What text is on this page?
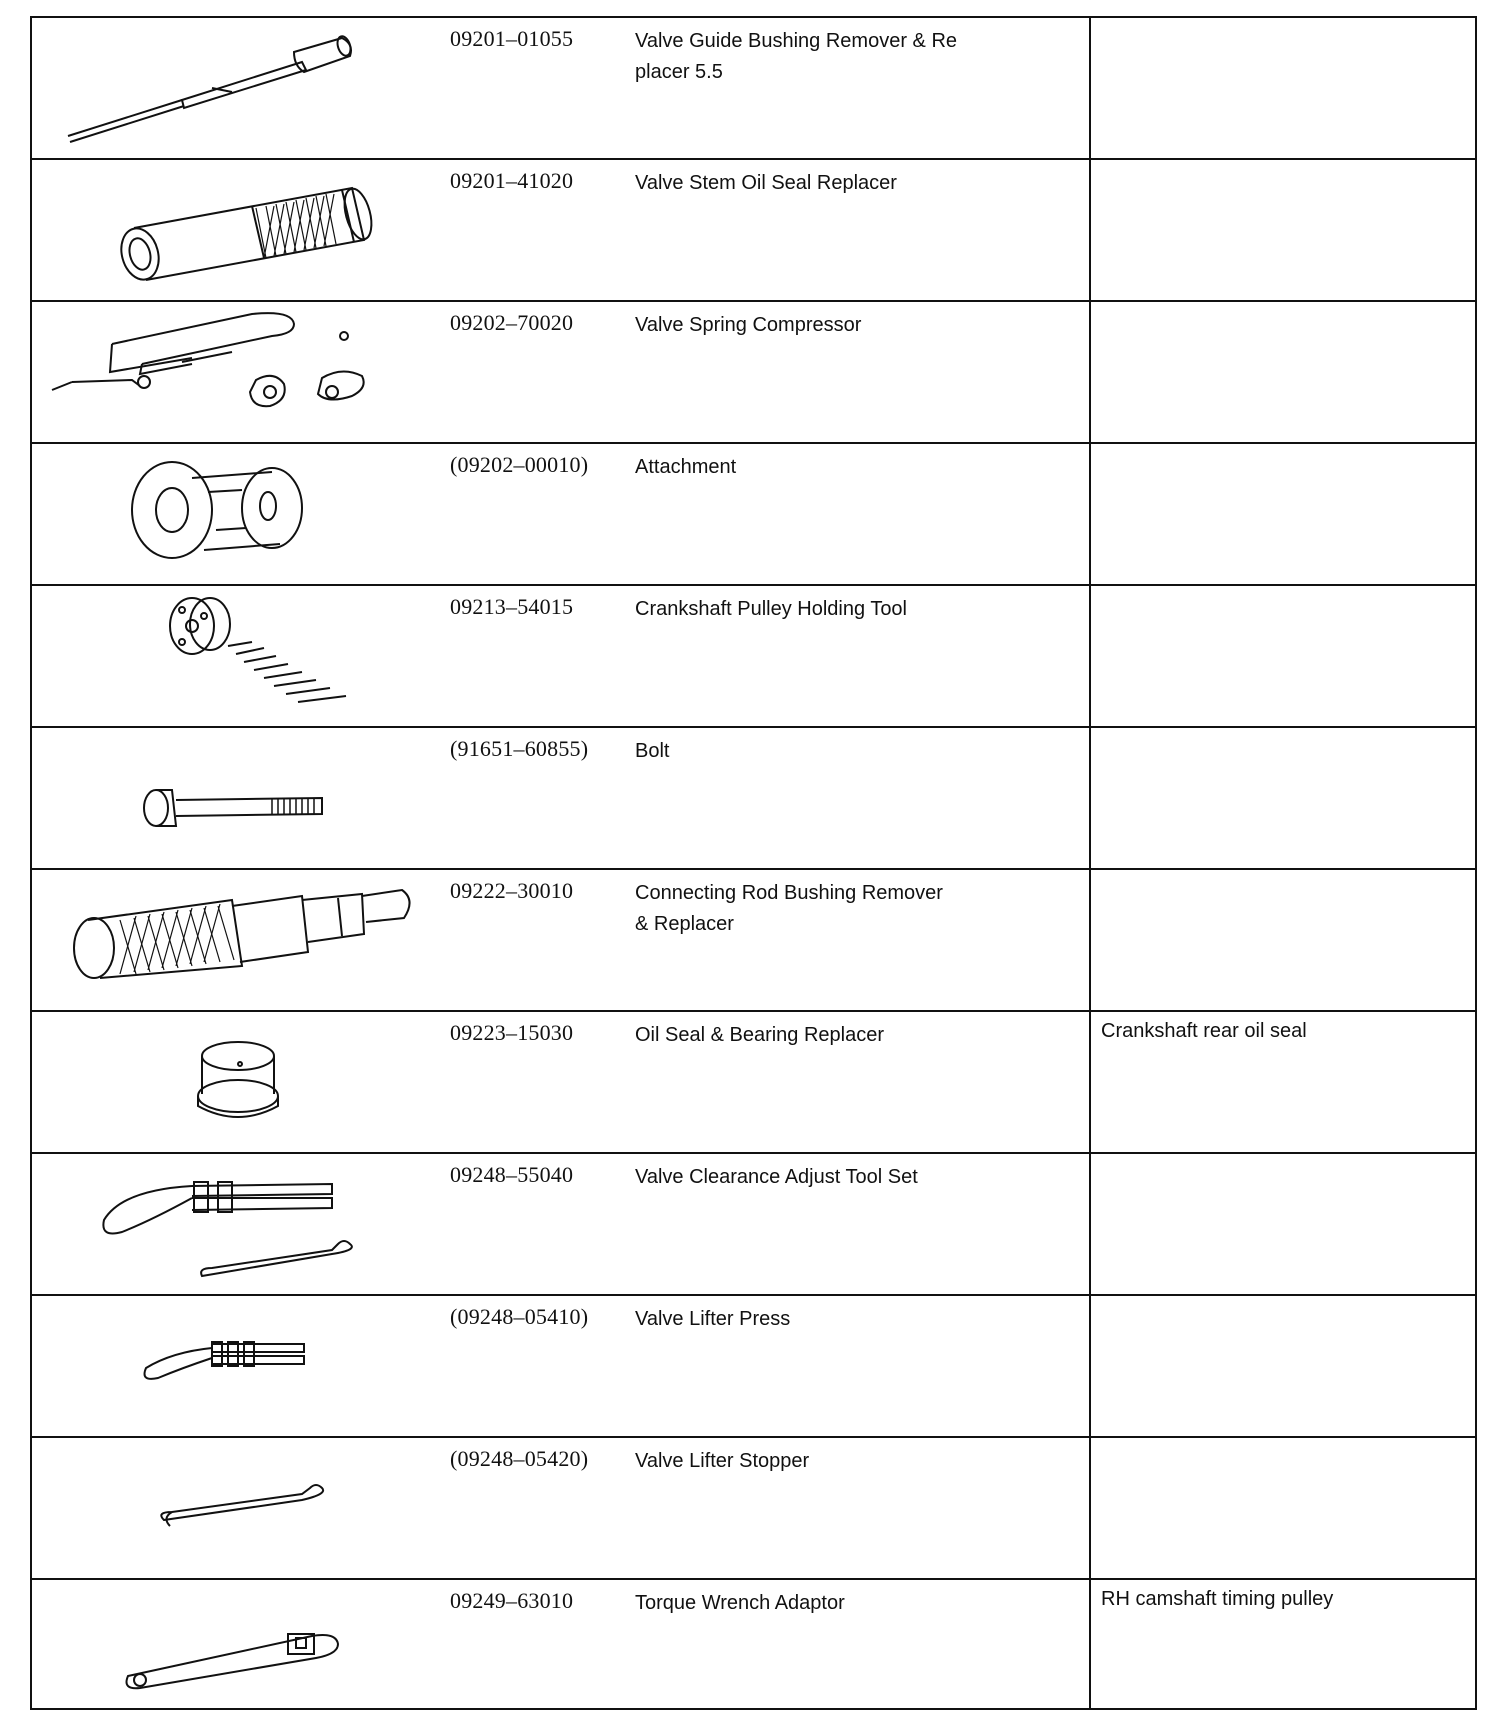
09201–01055	Valve Guide Bushing Remover & Re
placer 5.5
09201–41020	Valve Stem Oil Seal Replacer
09202–70020	Valve Spring Compressor
(09202–00010)	Attachment
09213–54015	Crankshaft Pulley Holding Tool
(91651–60855)	Bolt
09222–30010	Connecting Rod Bushing Remover
& Replacer
09223–15030	Oil Seal & Bearing Replacer	Crankshaft rear oil seal
09248–55040	Valve Clearance Adjust Tool Set
(09248–05410)	Valve Lifter Press
(09248–05420)	Valve Lifter Stopper
09249–63010	Torque Wrench Adaptor	RH camshaft timing pulley
